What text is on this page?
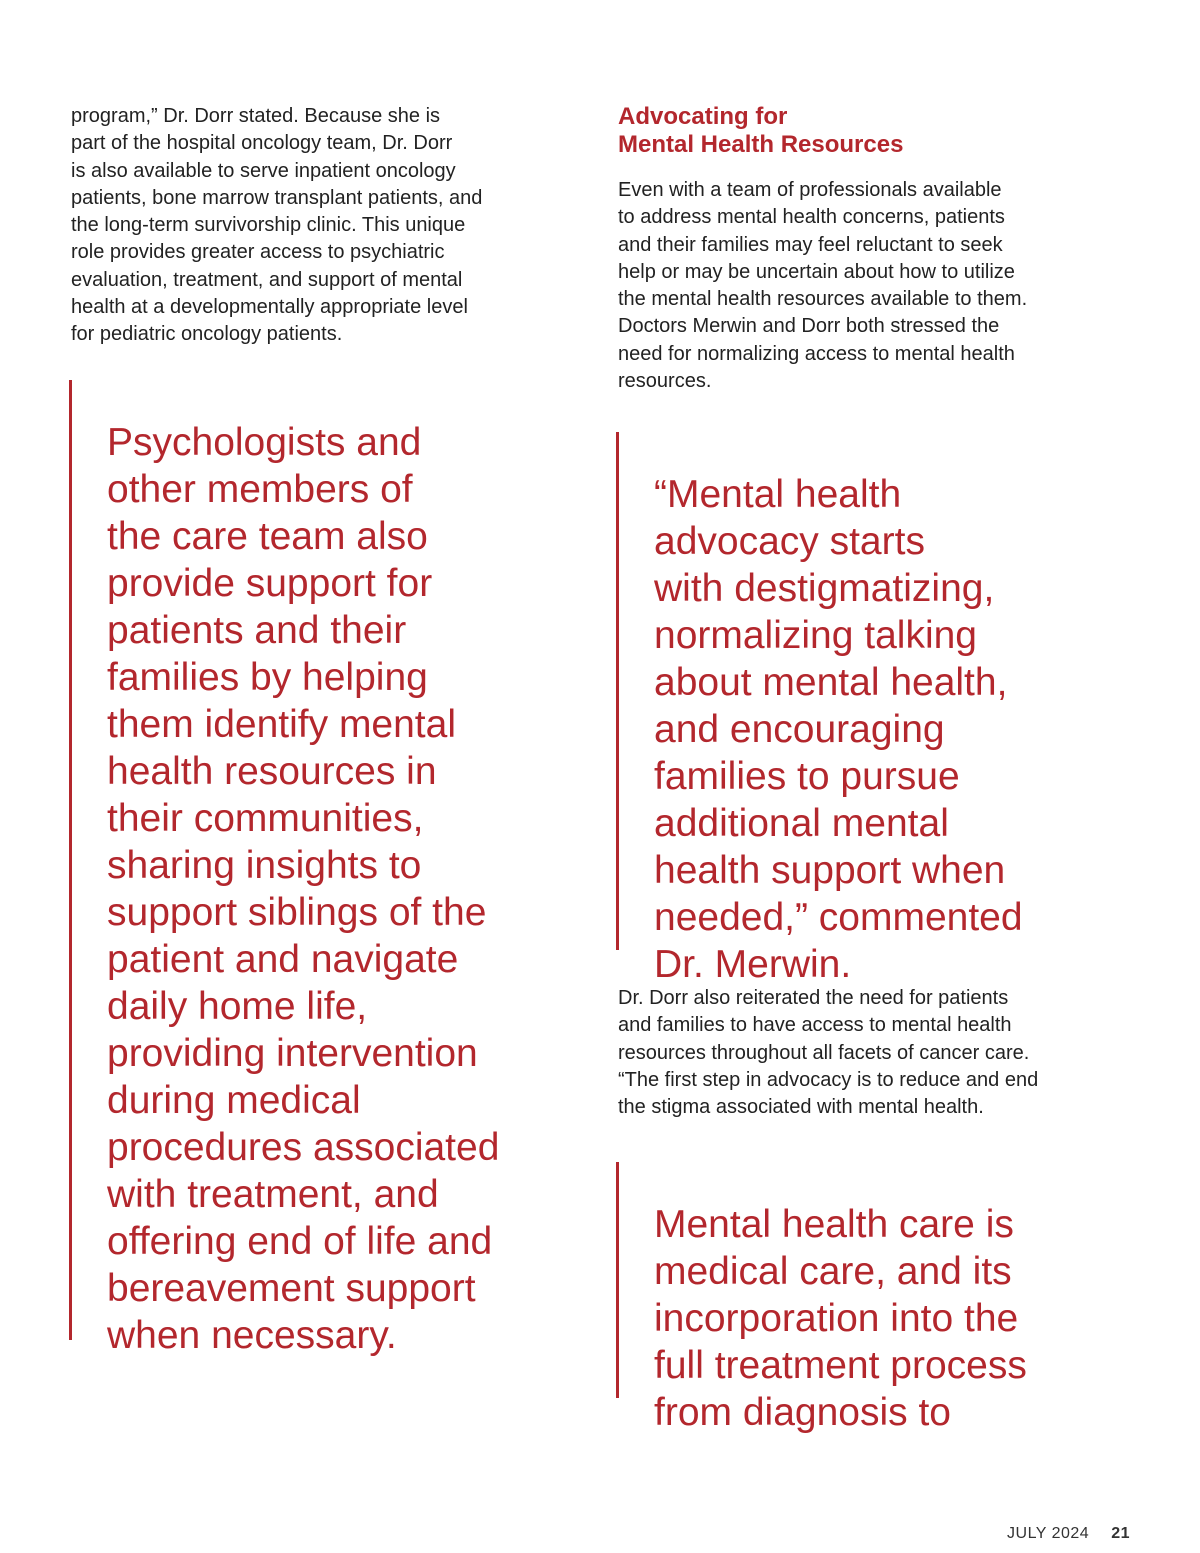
program,” Dr. Dorr stated. Because she is
part of the hospital oncology team, Dr. Dorr
is also available to serve inpatient oncology
patients, bone marrow transplant patients, and
the long-term survivorship clinic. This unique
role provides greater access to psychiatric
evaluation, treatment, and support of mental
health at a developmentally appropriate level
for pediatric oncology patients.

Psychologists and
other members of
the care team also
provide support for
patients and their
families by helping
them identify mental
health resources in
their communities,
sharing insights to
support siblings of the
patient and navigate
daily home life,
providing intervention
during medical
procedures associated
with treatment, and
offering end of life and
bereavement support
when necessary.

Advocating for
Mental Health Resources

Even with a team of professionals available
to address mental health concerns, patients
and their families may feel reluctant to seek
help or may be uncertain about how to utilize
the mental health resources available to them.
Doctors Merwin and Dorr both stressed the
need for normalizing access to mental health
resources.

“Mental health
advocacy starts
with destigmatizing,
normalizing talking
about mental health,
and encouraging
families to pursue
additional mental
health support when
needed,” commented
Dr. Merwin.

Dr. Dorr also reiterated the need for patients
and families to have access to mental health
resources throughout all facets of cancer care.
“The first step in advocacy is to reduce and end
the stigma associated with mental health.

Mental health care is
medical care, and its
incorporation into the
full treatment process
from diagnosis to

JULY 2024 21
